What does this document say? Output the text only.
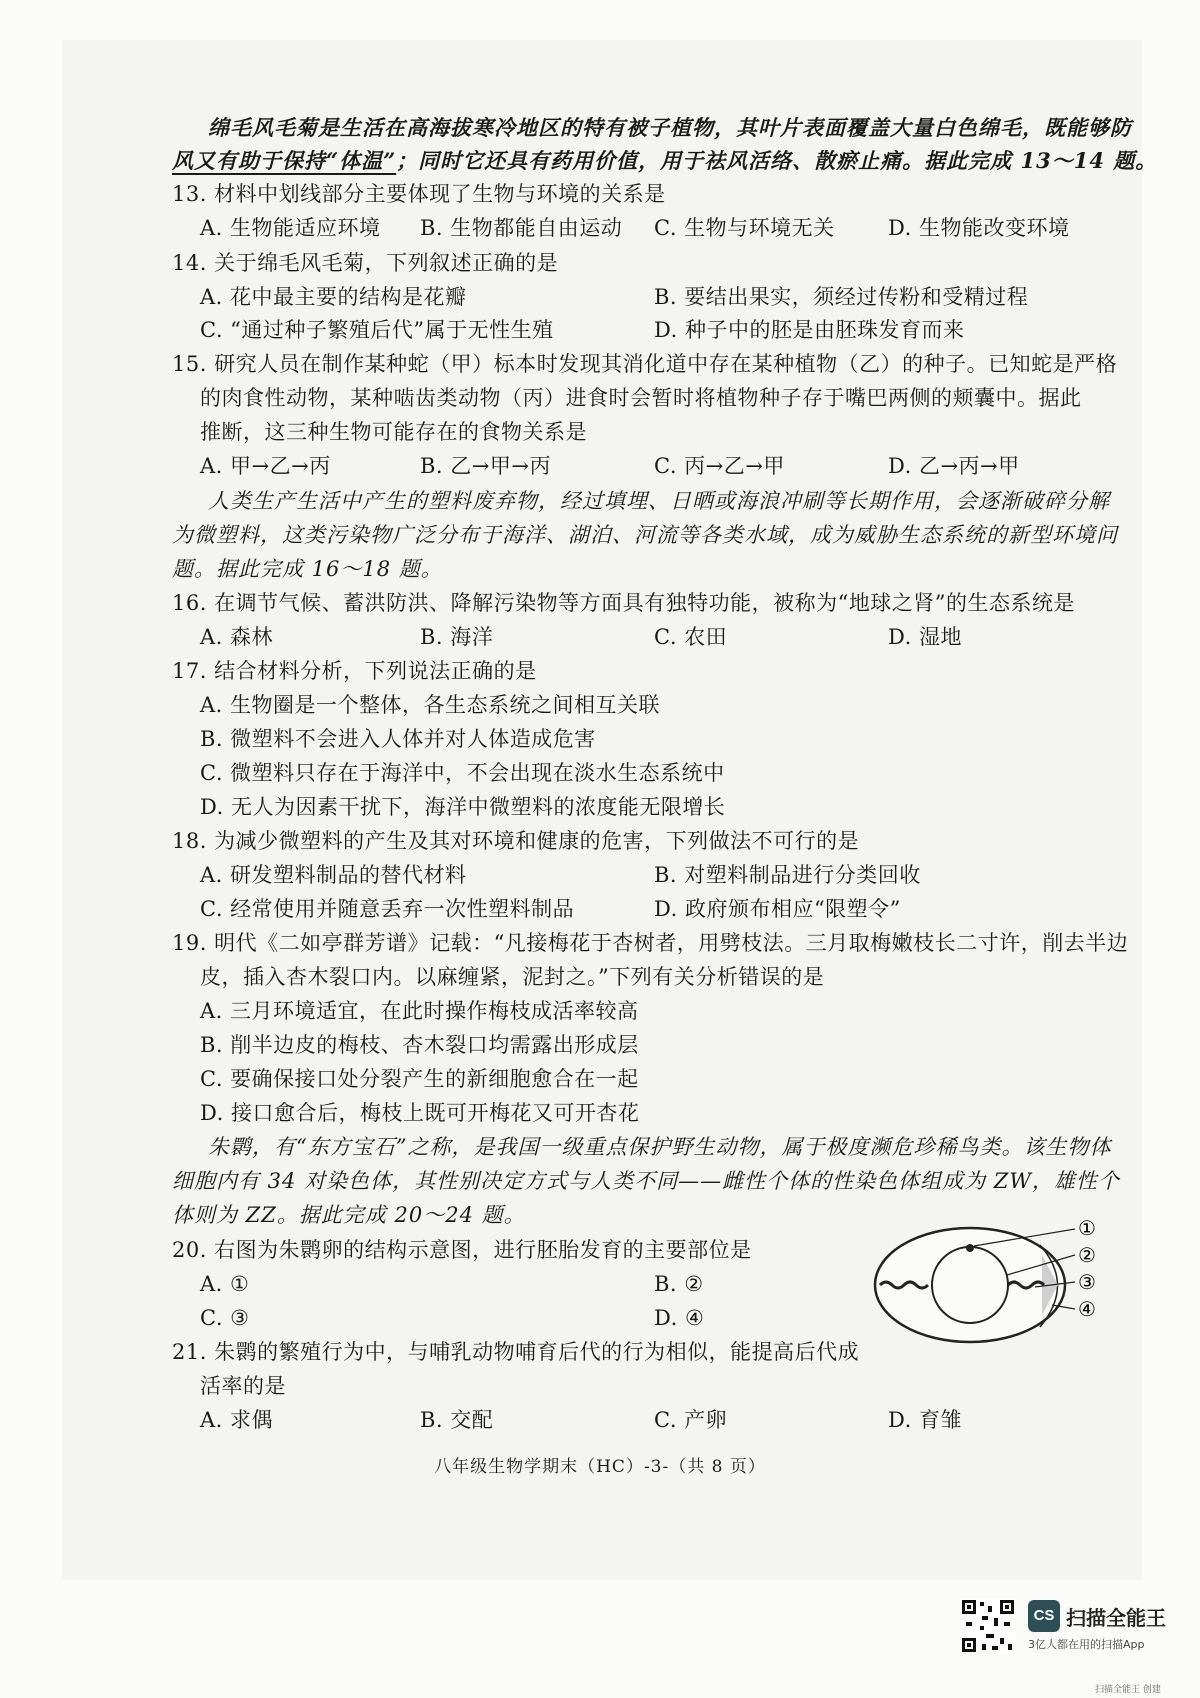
绵毛风毛菊是生活在高海拔寒冷地区的特有被子植物，其叶片表面覆盖大量白色绵毛，既能够防
风又有助于保持“体温”；同时它还具有药用价值，用于祛风活络、散瘀止痛。据此完成 13～14 题。
13. 材料中划线部分主要体现了生物与环境的关系是
A. 生物能适应环境 B. 生物都能自由运动 C. 生物与环境无关	D. 生物能改变环境
14. 关于绵毛风毛菊，下列叙述正确的是
A. 花中最主要的结构是花瓣	B. 要结出果实，须经过传粉和受精过程
C. “通过种子繁殖后代”属于无性生殖	D. 种子中的胚是由胚珠发育而来
15. 研究人员在制作某种蛇（甲）标本时发现其消化道中存在某种植物（乙）的种子。已知蛇是严格
的肉食性动物，某种啮齿类动物（丙）进食时会暂时将植物种子存于嘴巴两侧的颊囊中。据此
推断，这三种生物可能存在的食物关系是
A. 甲→乙→丙	B. 乙→甲→丙	C. 丙→乙→甲	D. 乙→丙→甲
人类生产生活中产生的塑料废弃物，经过填埋、日晒或海浪冲刷等长期作用，会逐渐破碎分解
为微塑料，这类污染物广泛分布于海洋、湖泊、河流等各类水域，成为威胁生态系统的新型环境问
题。据此完成 16～18 题。
16. 在调节气候、蓄洪防洪、降解污染物等方面具有独特功能，被称为“地球之肾”的生态系统是
A. 森林	B. 海洋	C. 农田	D. 湿地
17. 结合材料分析，下列说法正确的是
A. 生物圈是一个整体，各生态系统之间相互关联
B. 微塑料不会进入人体并对人体造成危害
C. 微塑料只存在于海洋中，不会出现在淡水生态系统中
D. 无人为因素干扰下，海洋中微塑料的浓度能无限增长
18. 为减少微塑料的产生及其对环境和健康的危害，下列做法不可行的是
A. 研发塑料制品的替代材料	B. 对塑料制品进行分类回收
C. 经常使用并随意丢弃一次性塑料制品	D. 政府颁布相应“限塑令”
19. 明代《二如亭群芳谱》记载：“凡接梅花于杏树者，用劈枝法。三月取梅嫩枝长二寸许，削去半边
皮，插入杏木裂口内。以麻缠紧，泥封之。”下列有关分析错误的是
A. 三月环境适宜，在此时操作梅枝成活率较高
B. 削半边皮的梅枝、杏木裂口均需露出形成层
C. 要确保接口处分裂产生的新细胞愈合在一起
D. 接口愈合后，梅枝上既可开梅花又可开杏花
朱鹮，有“东方宝石”之称，是我国一级重点保护野生动物，属于极度濒危珍稀鸟类。该生物体
细胞内有 34 对染色体，其性别决定方式与人类不同——雌性个体的性染色体组成为 ZW，雄性个
体则为 ZZ。据此完成 20～24 题。
20. 右图为朱鹮卵的结构示意图，进行胚胎发育的主要部位是
A. ①	B. ②
C. ③	D. ④
①
②
③
④
21. 朱鹮的繁殖行为中，与哺乳动物哺育后代的行为相似，能提高后代成
活率的是
A. 求偶	B. 交配	C. 产卵	D. 育雏
八年级生物学期末（HC）-3-（共 8 页）
CS 扫描全能王
3亿人都在用的扫描App
扫描全能王 创建
